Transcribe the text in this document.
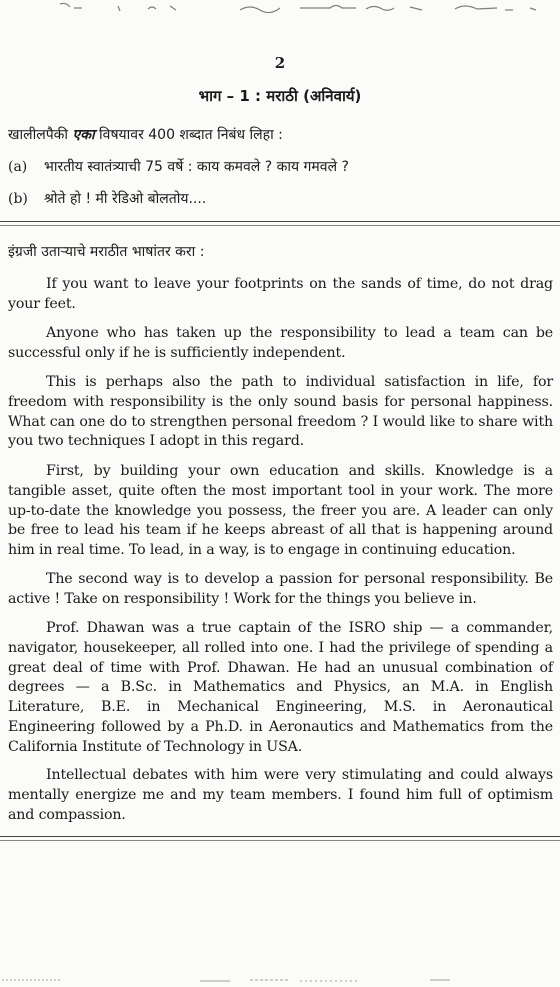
2
भाग – 1 : मराठी (अनिवार्य)
खालीलपैकी एका विषयावर 400 शब्दात निबंध लिहा :
(a) भारतीय स्वातंत्र्याची 75 वर्षे : काय कमवले ? काय गमवले ?
(b) श्रोते हो ! मी रेडिओ बोलतोय....
इंग्रजी उताऱ्याचे मराठीत भाषांतर करा :

If you want to leave your footprints on the sands of time, do not drag your feet.

Anyone who has taken up the responsibility to lead a team can be successful only if he is sufficiently independent.

This is perhaps also the path to individual satisfaction in life, for freedom with responsibility is the only sound basis for personal happiness. What can one do to strengthen personal freedom ? I would like to share with you two techniques I adopt in this regard.

First, by building your own education and skills. Knowledge is a tangible asset, quite often the most important tool in your work. The more up-to-date the knowledge you possess, the freer you are. A leader can only be free to lead his team if he keeps abreast of all that is happening around him in real time. To lead, in a way, is to engage in continuing education.

The second way is to develop a passion for personal responsibility. Be active ! Take on responsibility ! Work for the things you believe in.

Prof. Dhawan was a true captain of the ISRO ship — a commander, navigator, housekeeper, all rolled into one. I had the privilege of spending a great deal of time with Prof. Dhawan. He had an unusual combination of degrees — a B.Sc. in Mathematics and Physics, an M.A. in English Literature, B.E. in Mechanical Engineering, M.S. in Aeronautical Engineering followed by a Ph.D. in Aeronautics and Mathematics from the California Institute of Technology in USA.

Intellectual debates with him were very stimulating and could always mentally energize me and my team members. I found him full of optimism and compassion.
